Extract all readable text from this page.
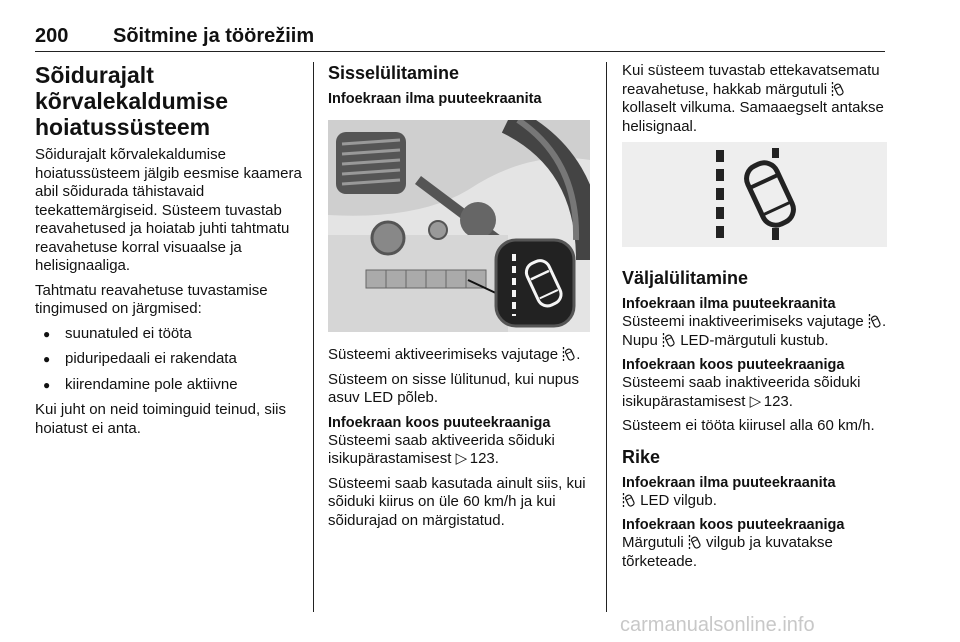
200 Sõitmine ja töörežiim
Sõidurajalt kõrvalekaldumise hoiatussüsteem

Sõidurajalt kõrvalekaldumise hoiatussüsteem jälgib eesmise kaamera abil sõidurada tähistavaid teekattemärgiseid. Süsteem tuvastab reavahetused ja hoiatab juhti tahtmatu reavahetuse korral visuaalse ja helisignaaliga.

Tahtmatu reavahetuse tuvastamise tingimused on järgmised:

● suunatuled ei tööta
● piduripedaali ei rakendata
● kiirendamine pole aktiivne

Kui juht on neid toiminguid teinud, siis hoiatust ei anta.

Sisselülitamine
Infoekraan ilma puuteekraanita

Süsteemi aktiveerimiseks vajutage .

Süsteem on sisse lülitunud, kui nupus asuv LED põleb.

Infoekraan koos puuteekraaniga

Süsteemi saab aktiveerida sõiduki isikupärastamisest ▷ 123.

Süsteemi saab kasutada ainult siis, kui sõiduki kiirus on üle 60 km/h ja kui sõidurajad on märgistatud.

Kui süsteem tuvastab ettekavatsematu reavahetuse, hakkab märgutuli  kollaselt vilkuma. Samaaegselt antakse helisignaal.

Väljalülitamine
Infoekraan ilma puuteekraanita

Süsteemi inaktiveerimiseks vajutage . Nupu LED-märgutuli kustub.

Infoekraan koos puuteekraaniga

Süsteemi saab inaktiveerida sõiduki isikupärastamisest ▷ 123.

Süsteem ei tööta kiirusel alla 60 km/h.

Rike
Infoekraan ilma puuteekraanita

LED vilgub.

Infoekraan koos puuteekraaniga

Märgutuli vilgub ja kuvatakse tõrketeade.

carmanualsonline.info
